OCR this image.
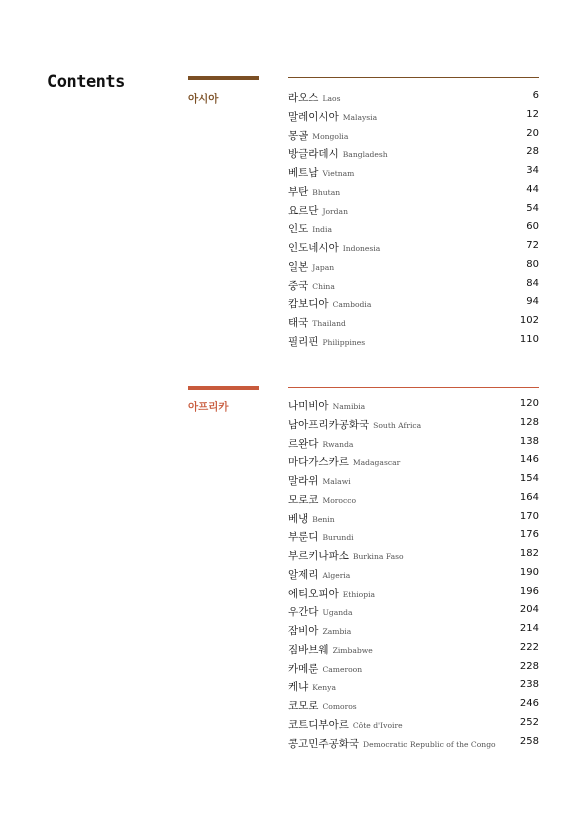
Contents
아시아	라오스 Laos	6
말레이시아 Malaysia	12
몽골 Mongolia	20
방글라데시 Bangladesh	28
베트남 Vietnam	34
부탄 Bhutan	44
요르단 Jordan	54
인도 India	60
인도네시아 Indonesia	72
일본 Japan	80
중국 China	84
캄보디아 Cambodia	94
태국 Thailand	102
필리핀 Philippines	110
아프리카	나미비아 Namibia	120
남아프리카공화국 South Africa	128
르완다 Rwanda	138
마다가스카르 Madagascar	146
말라위 Malawi	154
모로코 Morocco	164
베냉 Benin	170
부룬디 Burundi	176
부르키나파소 Burkina Faso	182
알제리 Algeria	190
에티오피아 Ethiopia	196
우간다 Uganda	204
잠비아 Zambia	214
짐바브웨 Zimbabwe	222
카메룬 Cameroon	228
케냐 Kenya	238
코모로 Comoros	246
코트디부아르 Côte d'Ivoire	252
콩고민주공화국 Democratic Republic of the Congo 258
